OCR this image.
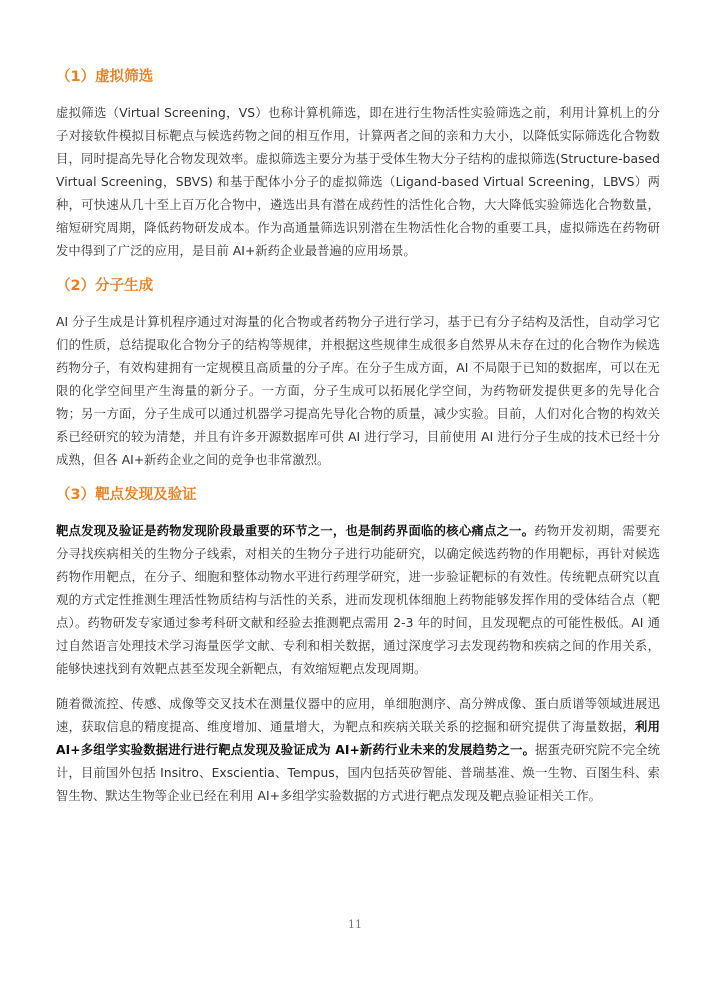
（1）虚拟筛选

虚拟筛选（Virtual Screening，VS）也称计算机筛选，即在进行生物活性实验筛选之前，利用计算机上的分子对接软件模拟目标靶点与候选药物之间的相互作用，计算两者之间的亲和力大小，以降低实际筛选化合物数目，同时提高先导化合物发现效率。虚拟筛选主要分为基于受体生物大分子结构的虚拟筛选(Structure-based Virtual Screening，SBVS) 和基于配体小分子的虚拟筛选（Ligand-based Virtual Screening，LBVS）两种，可快速从几十至上百万化合物中，遴选出具有潜在成药性的活性化合物，大大降低实验筛选化合物数量，缩短研究周期，降低药物研发成本。作为高通量筛选识别潜在生物活性化合物的重要工具，虚拟筛选在药物研发中得到了广泛的应用，是目前 AI+新药企业最普遍的应用场景。

（2）分子生成

AI 分子生成是计算机程序通过对海量的化合物或者药物分子进行学习，基于已有分子结构及活性，自动学习它们的性质，总结提取化合物分子的结构等规律，并根据这些规律生成很多自然界从未存在过的化合物作为候选药物分子，有效构建拥有一定规模且高质量的分子库。在分子生成方面，AI 不局限于已知的数据库，可以在无限的化学空间里产生海量的新分子。一方面，分子生成可以拓展化学空间，为药物研发提供更多的先导化合物；另一方面，分子生成可以通过机器学习提高先导化合物的质量，减少实验。目前，人们对化合物的构效关系已经研究的较为清楚，并且有许多开源数据库可供 AI 进行学习，目前使用 AI 进行分子生成的技术已经十分成熟，但各 AI+新药企业之间的竞争也非常激烈。

（3）靶点发现及验证

靶点发现及验证是药物发现阶段最重要的环节之一，也是制药界面临的核心痛点之一。药物开发初期，需要充分寻找疾病相关的生物分子线索，对相关的生物分子进行功能研究，以确定候选药物的作用靶标，再针对候选药物作用靶点，在分子、细胞和整体动物水平进行药理学研究，进一步验证靶标的有效性。传统靶点研究以直观的方式定性推测生理活性物质结构与活性的关系，进而发现机体细胞上药物能够发挥作用的受体结合点（靶点）。药物研发专家通过参考科研文献和经验去推测靶点需用 2-3 年的时间，且发现靶点的可能性极低。AI 通过自然语言处理技术学习海量医学文献、专利和相关数据，通过深度学习去发现药物和疾病之间的作用关系，能够快速找到有效靶点甚至发现全新靶点，有效缩短靶点发现周期。

随着微流控、传感、成像等交叉技术在测量仪器中的应用，单细胞测序、高分辨成像、蛋白质谱等领域进展迅速，获取信息的精度提高、维度增加、通量增大，为靶点和疾病关联关系的挖掘和研究提供了海量数据，利用 AI+多组学实验数据进行进行靶点发现及验证成为 AI+新药行业未来的发展趋势之一。据蛋壳研究院不完全统计，目前国外包括 Insitro、Exscientia、Tempus，国内包括英矽智能、普瑞基准、焕一生物、百图生科、索智生物、默达生物等企业已经在利用 AI+多组学实验数据的方式进行靶点发现及靶点验证相关工作。

11
